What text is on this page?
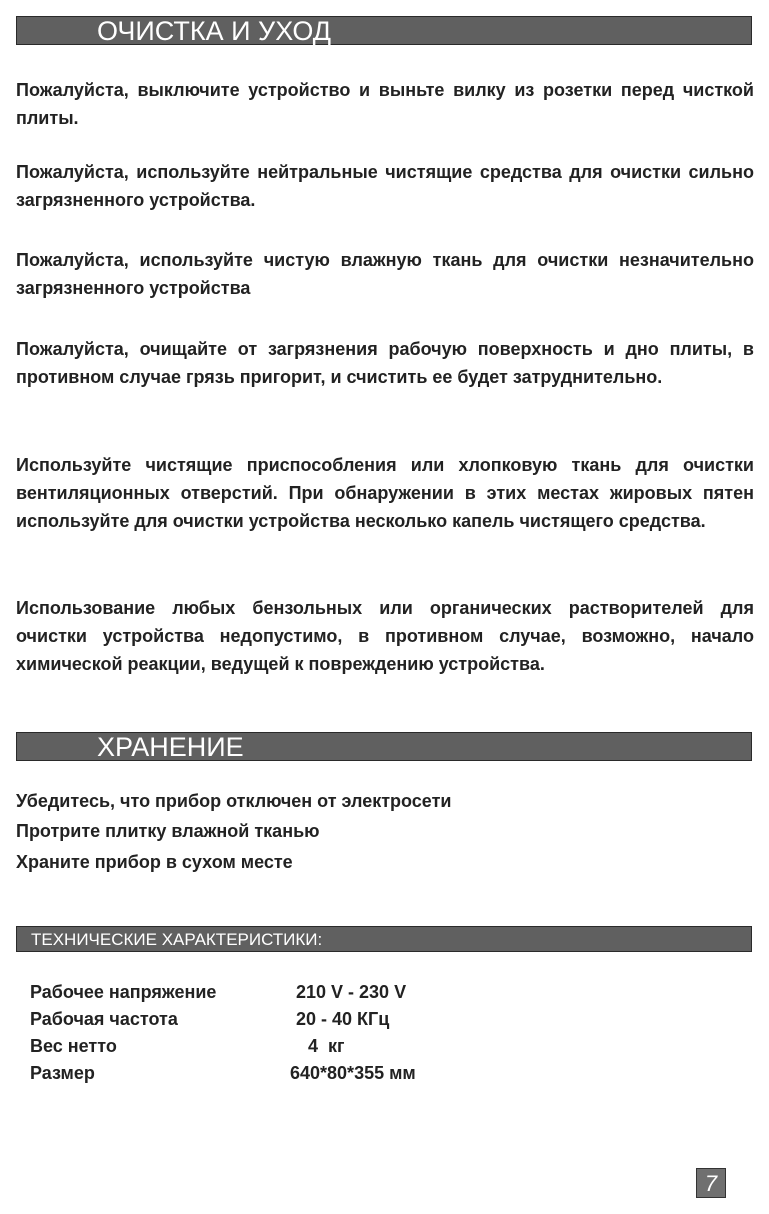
ОЧИСТКА И УХОД

Пожалуйста, выключите устройство и выньте вилку из розетки перед чисткой плиты.

Пожалуйста, используйте нейтральные чистящие средства для очистки сильно загрязненного устройства.

Пожалуйста, используйте чистую влажную ткань для очистки незначительно загрязненного устройства

Пожалуйста, очищайте от загрязнения рабочую поверхность и дно плиты, в противном случае грязь пригорит, и счистить ее будет затруднительно.

Используйте чистящие приспособления или хлопковую ткань для очистки вентиляционных отверстий. При обнаружении в этих местах жировых пятен используйте для очистки устройства несколько капель чистящего средства.

Использование любых бензольных или органических растворителей для очистки устройства недопустимо, в противном случае, возможно, начало химической реакции, ведущей к повреждению устройства.

ХРАНЕНИЕ

Убедитесь, что прибор отключен от электросети

Протрите плитку влажной тканью

Храните прибор в сухом месте

ТЕХНИЧЕСКИЕ ХАРАКТЕРИСТИКИ:
Рабочее напряжение	210 V - 230 V
Рабочая частота	20 - 40 КГц
Вес нетто	4  кг
Размер	640*80*355 мм
7
